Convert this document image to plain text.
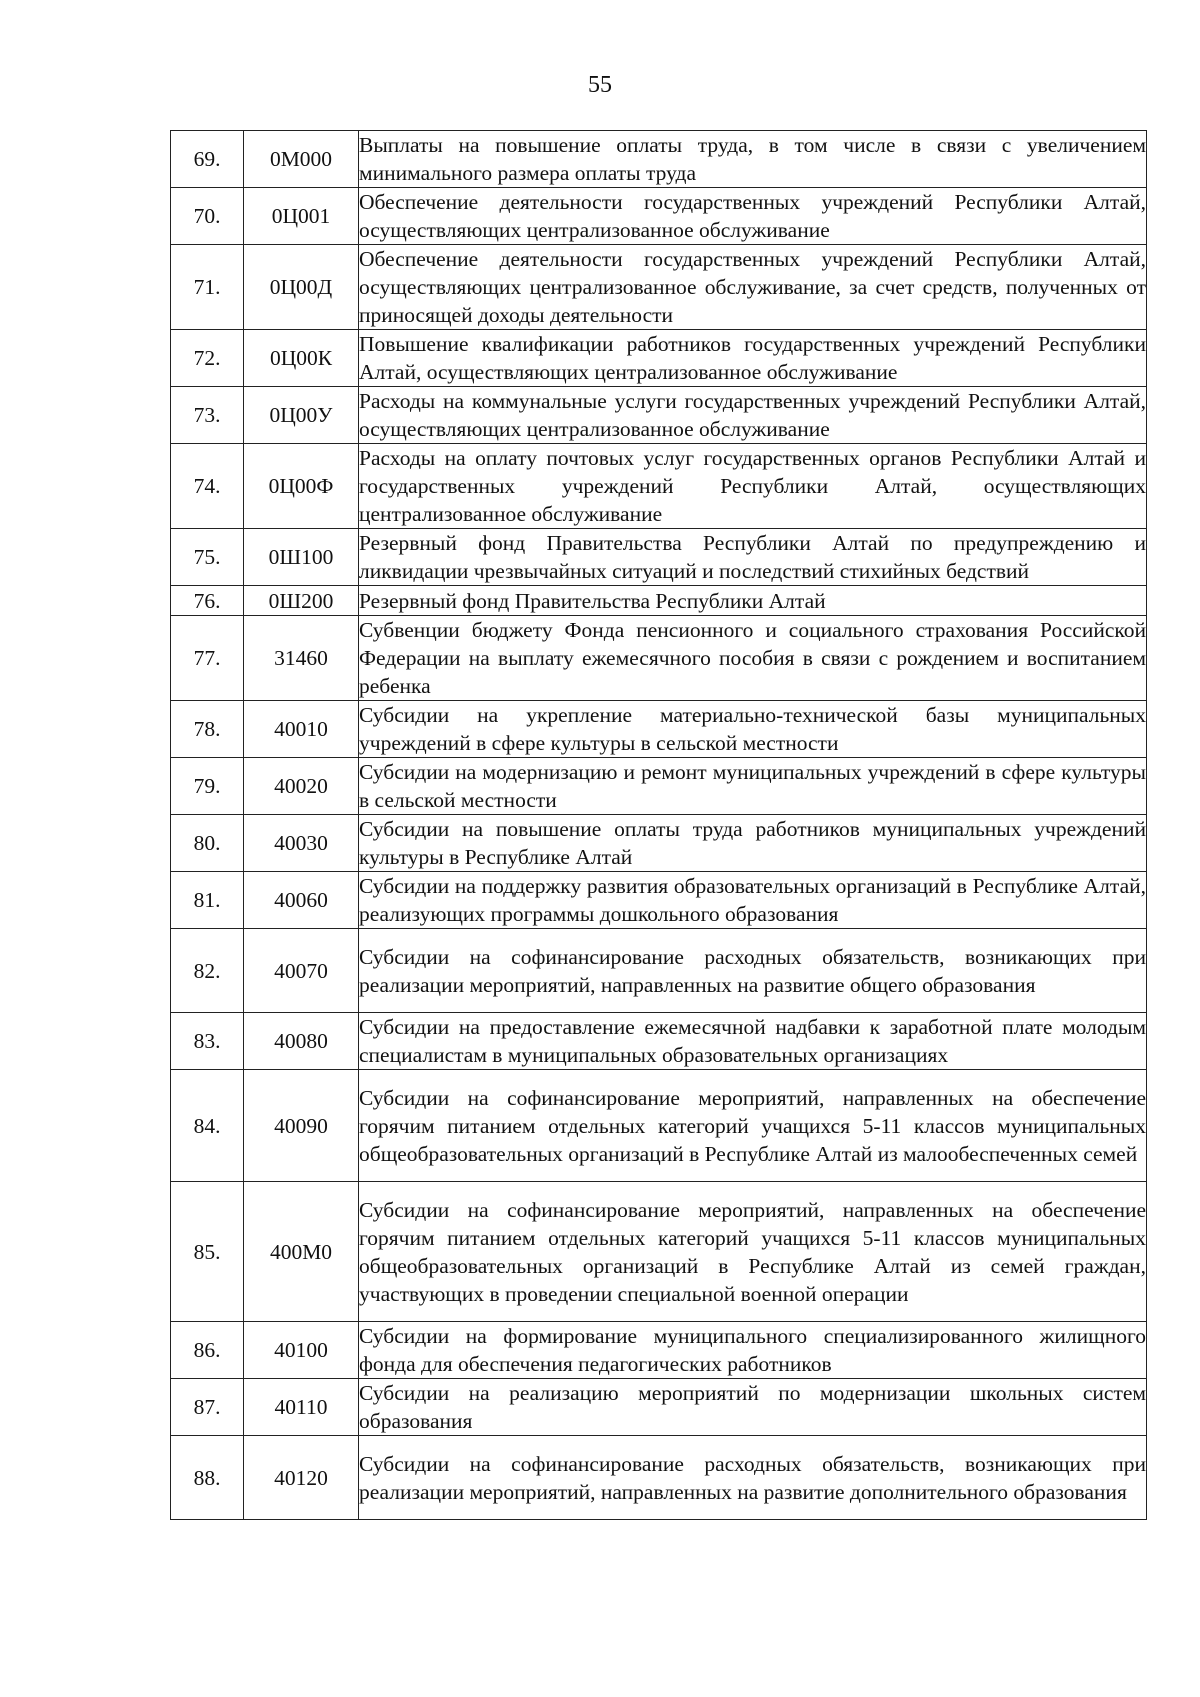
55
69.	0М000	Выплаты на повышение оплаты труда, в том числе в связи с увеличением минимального размера оплаты труда
70.	0Ц001	Обеспечение деятельности государственных учреждений Республики Алтай, осуществляющих централизованное обслуживание
71.	0Ц00Д	Обеспечение деятельности государственных учреждений Республики Алтай, осуществляющих централизованное обслуживание, за счет средств, полученных от приносящей доходы деятельности
72.	0Ц00К	Повышение квалификации работников государственных учреждений Республики Алтай, осуществляющих централизованное обслуживание
73.	0Ц00У	Расходы на коммунальные услуги государственных учреждений Республики Алтай, осуществляющих централизованное обслуживание
74.	0Ц00Ф	Расходы на оплату почтовых услуг государственных органов Республики Алтай и государственных учреждений Республики Алтай, осуществляющих централизованное обслуживание
75.	0Ш100	Резервный фонд Правительства Республики Алтай по предупреждению и ликвидации чрезвычайных ситуаций и последствий стихийных бедствий
76.	0Ш200	Резервный фонд Правительства Республики Алтай
77.	31460	Субвенции бюджету Фонда пенсионного и социального страхования Российской Федерации на выплату ежемесячного пособия в связи с рождением и воспитанием ребенка
78.	40010	Субсидии на укрепление материально-технической базы муниципальных учреждений в сфере культуры в сельской местности
79.	40020	Субсидии на модернизацию и ремонт муниципальных учреждений в сфере культуры в сельской местности
80.	40030	Субсидии на повышение оплаты труда работников муниципальных учреждений культуры в Республике Алтай
81.	40060	Субсидии на поддержку развития образовательных организаций в Республике Алтай, реализующих программы дошкольного образования
82.	40070	Субсидии на софинансирование расходных обязательств, возникающих при реализации мероприятий, направленных на развитие общего образования
83.	40080	Субсидии на предоставление ежемесячной надбавки к заработной плате молодым специалистам в муниципальных образовательных организациях
84.	40090	Субсидии на софинансирование мероприятий, направленных на обеспечение горячим питанием отдельных категорий учащихся 5-11 классов муниципальных общеобразовательных организаций в Республике Алтай из малообеспеченных семей
85.	400М0	Субсидии на софинансирование мероприятий, направленных на обеспечение горячим питанием отдельных категорий учащихся 5-11 классов муниципальных общеобразовательных организаций в Республике Алтай из семей граждан, участвующих в проведении специальной военной операции
86.	40100	Субсидии на формирование муниципального специализированного жилищного фонда для обеспечения педагогических работников
87.	40110	Субсидии на реализацию мероприятий по модернизации школьных систем образования
88.	40120	Субсидии на софинансирование расходных обязательств, возникающих при реализации мероприятий, направленных на развитие дополнительного образования
